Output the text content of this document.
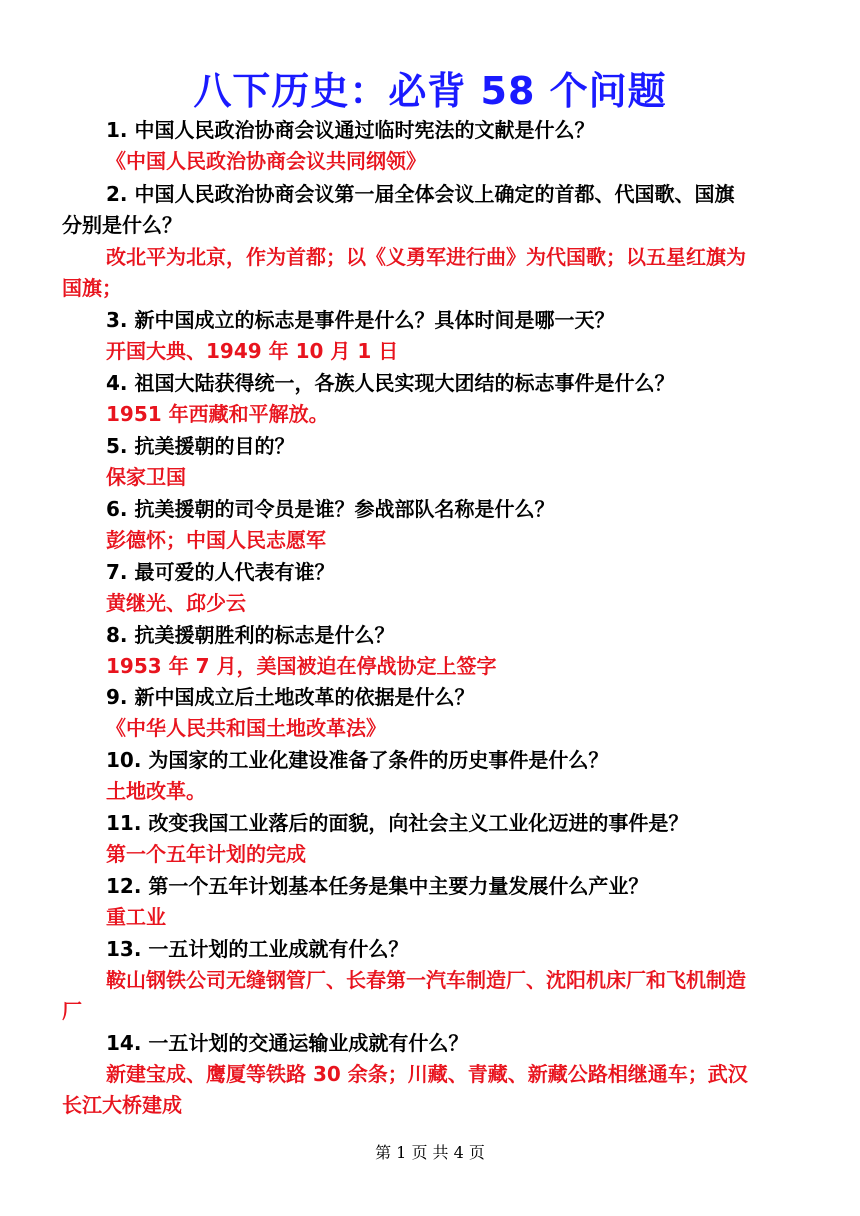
八下历史：必背 58 个问题
1. 中国人民政治协商会议通过临时宪法的文献是什么？
《中国人民政治协商会议共同纲领》
2. 中国人民政治协商会议第一届全体会议上确定的首都、代国歌、国旗
分别是什么？
改北平为北京，作为首都；以《义勇军进行曲》为代国歌；以五星红旗为
国旗；
3. 新中国成立的标志是事件是什么？具体时间是哪一天？
开国大典、1949 年 10 月 1 日
4. 祖国大陆获得统一，各族人民实现大团结的标志事件是什么？
1951 年西藏和平解放。
5. 抗美援朝的目的？
保家卫国
6. 抗美援朝的司令员是谁？参战部队名称是什么？
彭德怀；中国人民志愿军
7. 最可爱的人代表有谁？
黄继光、邱少云
8. 抗美援朝胜利的标志是什么？
1953 年 7 月，美国被迫在停战协定上签字
9. 新中国成立后土地改革的依据是什么？
《中华人民共和国土地改革法》
10. 为国家的工业化建设准备了条件的历史事件是什么？
土地改革。
11. 改变我国工业落后的面貌，向社会主义工业化迈进的事件是？
第一个五年计划的完成
12. 第一个五年计划基本任务是集中主要力量发展什么产业？
重工业
13. 一五计划的工业成就有什么？
鞍山钢铁公司无缝钢管厂、长春第一汽车制造厂、沈阳机床厂和飞机制造
厂
14. 一五计划的交通运输业成就有什么？
新建宝成、鹰厦等铁路 30 余条；川藏、青藏、新藏公路相继通车；武汉
长江大桥建成
第 1 页 共 4 页
